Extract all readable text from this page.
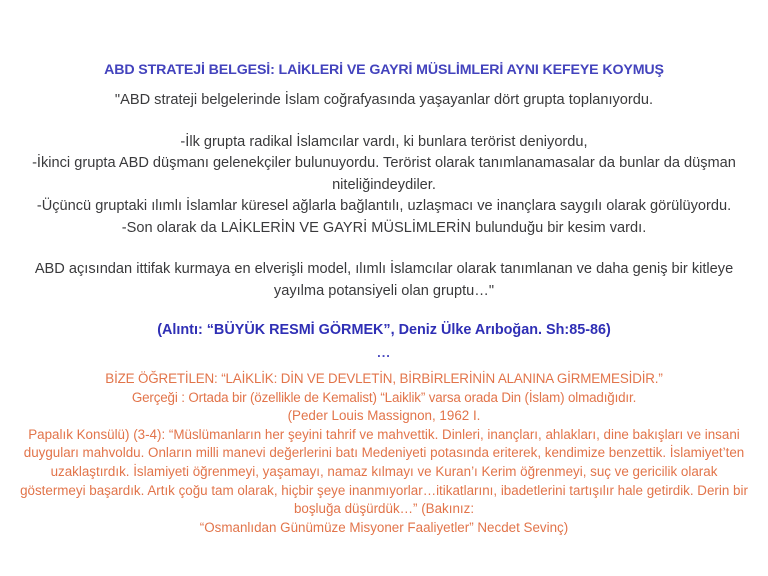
ABD STRATEJİ BELGESİ: LAİKLERİ VE GAYRİ MÜSLİMLERİ AYNI KEFEYE KOYMUŞ
"ABD strateji belgelerinde İslam coğrafyasında yaşayanlar dört grupta toplanıyordu.
-İlk grupta radikal İslamcılar vardı, ki bunlara terörist deniyordu,
-İkinci grupta ABD düşmanı gelenekçiler bulunuyordu. Terörist olarak tanımlanamasalar da bunlar da düşman niteliğindeydiler.
-Üçüncü gruptaki ılımlı İslamlar küresel ağlarla bağlantılı, uzlaşmacı ve inançlara saygılı olarak görülüyordu.
-Son olarak da LAİKLERİN VE GAYRİ MÜSLİMLERİN bulunduğu bir kesim vardı.
ABD açısından ittifak kurmaya en elverişli model, ılımlı İslamcılar olarak tanımlanan ve daha geniş bir kitleye yayılma potansiyeli olan gruptu…"
(Alıntı: “BÜYÜK RESMİ GÖRMEK”, Deniz Ülke Arıboğan. Sh:85-86)
...
BİZE ÖĞRETİLEN: “LAİKLİK: DİN VE DEVLETİN, BİRBİRLERİNİN ALANINA GİRMEMESİDİR.”
Gerçeği : Ortada bir (özellikle de Kemalist) “Laiklik” varsa orada Din (İslam) olmadığıdır.
(Peder Louis Massignon, 1962 I.
Papalık Konsülü) (3-4): “Müslümanların her şeyini tahrif ve mahvettik. Dinleri, inançları, ahlakları, dine bakışları ve insani duyguları mahvoldu. Onların milli manevi değerlerini batı Medeniyeti potasında eriterek, kendimize benzettik. İslamiyet’ten uzaklaştırdık. İslamiyeti öğrenmeyi, yaşamayı, namaz kılmayı ve Kuran’ı Kerim öğrenmeyi, suç ve gericilik olarak göstermeyi başardık. Artık çoğu tam olarak, hiçbir şeye inanmıyorlar…itikatlarını, ibadetlerini tartışılır hale getirdik. Derin bir boşluğa düşürdük…” (Bakınız:
“Osmanlıdan Günümüze Misyoner Faaliyetler” Necdet Sevinç)
